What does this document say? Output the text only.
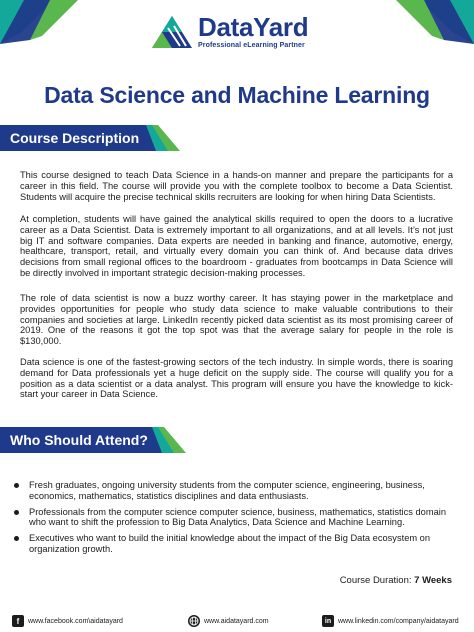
DataYard
Professional eLearning Partner
Data Science and Machine Learning
Course Description

This course designed to teach Data Science in a hands-on manner and prepare the participants for a career in this field. The course will provide you with the complete toolbox to become a Data Scientist. Students will acquire the precise technical skills recruiters are looking for when hiring Data Scientists.

At completion, students will have gained the analytical skills required to open the doors to a lucrative career as a Data Scientist. Data is extremely important to all organizations, and at all levels. It’s not just big IT and software companies. Data experts are needed in banking and finance, automotive, energy, healthcare, transport, retail, and virtually every domain you can think of. And because data drives decisions from small regional offices to the boardroom - graduates from bootcamps in Data Science will be directly involved in important strategic decision-making processes.

The role of data scientist is now a buzz worthy career. It has staying power in the marketplace and provides opportunities for people who study data science to make valuable contributions to their companies and societies at large. LinkedIn recently picked data scientist as its most promising career of 2019. One of the reasons it got the top spot was that the average salary for people in the role is $130,000.

Data science is one of the fastest-growing sectors of the tech industry. In simple words, there is soaring demand for Data professionals yet a huge deficit on the supply side. The course will qualify you for a position as a data scientist or a data analyst. This program will ensure you have the knowledge to kick-start your career in Data Science.

Who Should Attend?
Fresh graduates, ongoing university students from the computer science, engineering, business, economics, mathematics, statistics disciplines and data enthusiasts.
Professionals from the computer science computer science, business, mathematics, statistics domain who want to shift the profession to Big Data Analytics, Data Science and Machine Learning.
Executives who want to build the initial knowledge about the impact of the Big Data ecosystem on organization growth.
Course Duration: 7 Weeks
f	www.facebook.com\aidatayard	www.aidatayard.com	in www.linkedin.com/company/aidatayard
